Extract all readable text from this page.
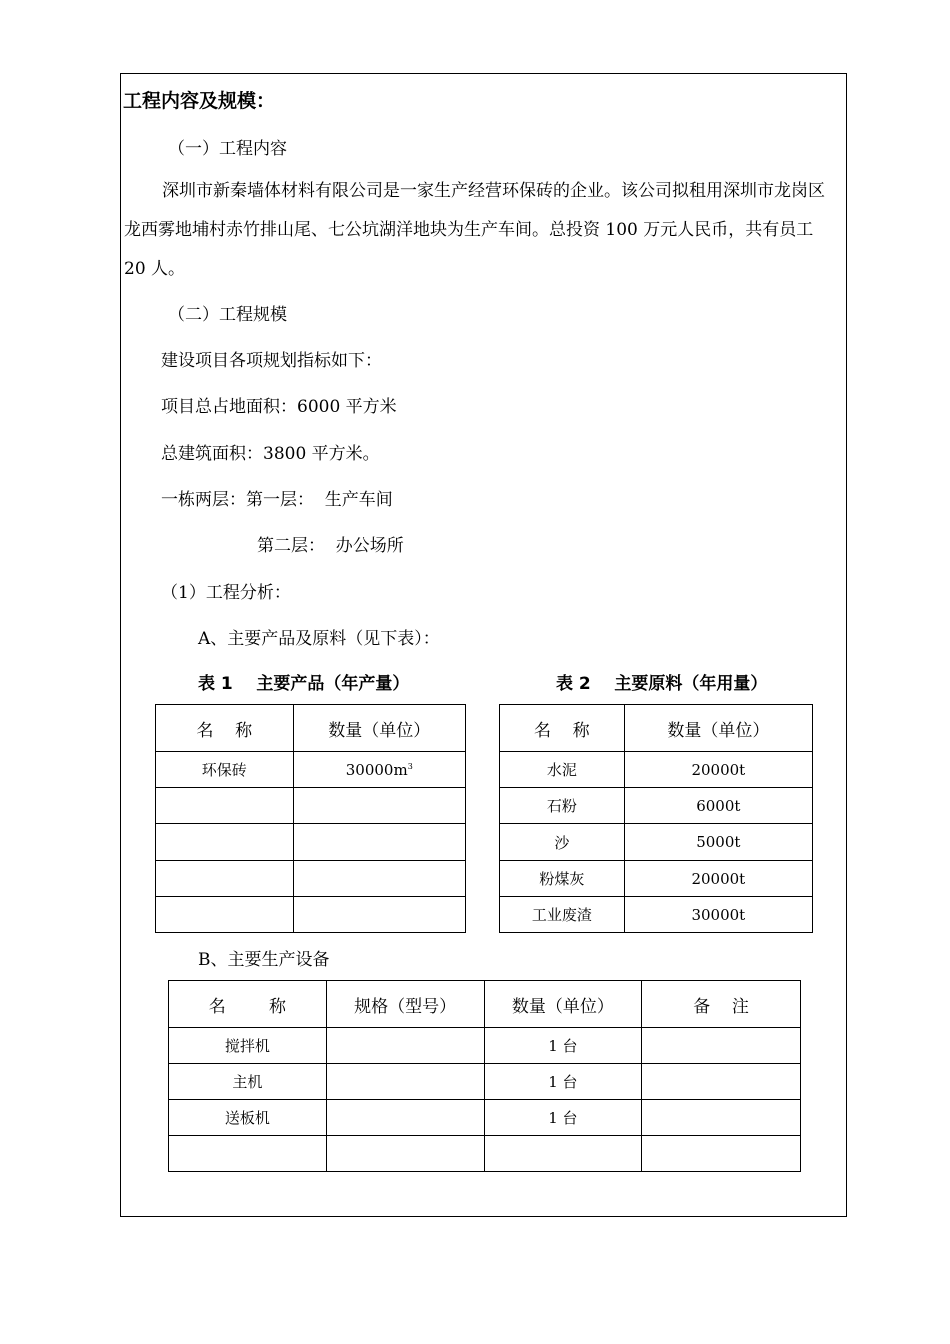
工程内容及规模：
（一）工程内容
深圳市新秦墙体材料有限公司是一家生产经营环保砖的企业。该公司拟租用深圳市龙岗区龙西雾地埔村赤竹排山尾、七公坑湖洋地块为生产车间。总投资 100 万元人民币，共有员工 20 人。
（二）工程规模
建设项目各项规划指标如下：
项目总占地面积：6000 平方米
总建筑面积：3800 平方米。
一栋两层：第一层：  生产车间
第二层：  办公场所
（1）工程分析：
A、主要产品及原料（见下表）：
表 1    主要产品（年产量）
名    称	数量（单位）
环保砖	$30000m^3$

表 2    主要原料（年用量）
名    称	数量（单位）
水泥	20000t
石粉	6000t
沙	5000t
粉煤灰	20000t
工业废渣	30000t
B、主要生产设备
名        称	规格（型号）	数量（单位）	备    注
搅拌机		1 台	
主机		1 台	
送板机		1 台	
